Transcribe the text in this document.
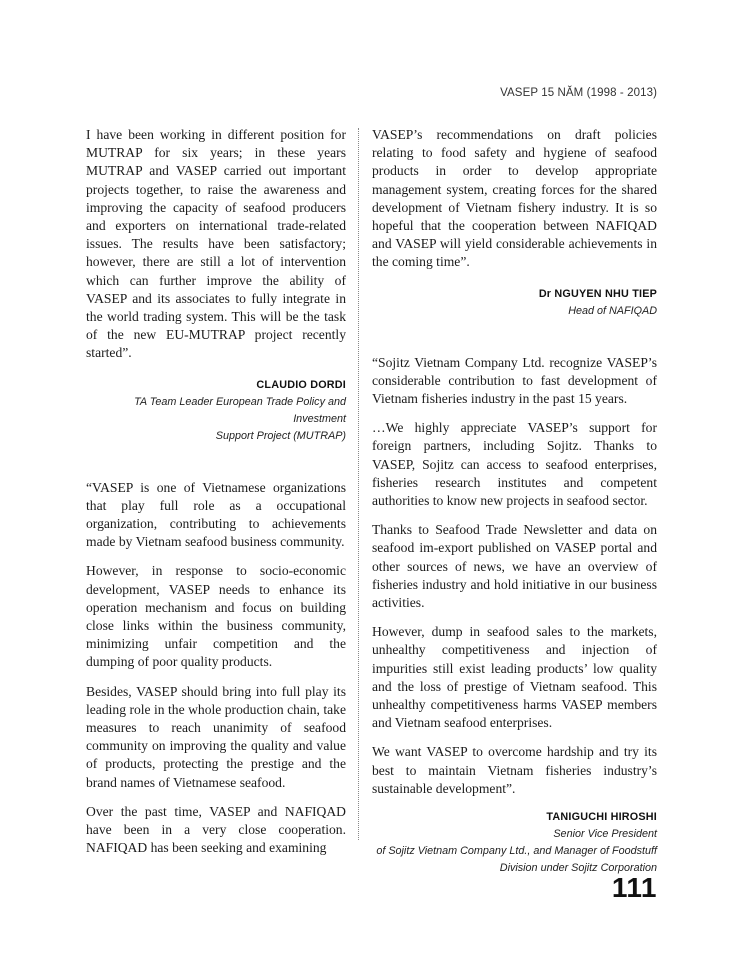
VASEP 15 NĂM (1998 - 2013)

I have been working in different position for MUTRAP for six years; in these years MUTRAP and VASEP carried out important projects together, to raise the awareness and improving the capacity of seafood producers and exporters on international trade-related issues. The results have been satisfactory; however, there are still a lot of intervention which can further improve the ability of VASEP and its associates to fully integrate in the world trading system. This will be the task of the new EU-MUTRAP project recently started”.

CLAUDIO DORDI
TA Team Leader European Trade Policy and Investment
Support Project (MUTRAP)

“VASEP is one of Vietnamese organizations that play full role as a occupational organization, contributing to achievements made by Vietnam seafood business community.

However, in response to socio-economic development, VASEP needs to enhance its operation mechanism and focus on building close links within the business community, minimizing unfair competition and the dumping of poor quality products.

Besides, VASEP should bring into full play its leading role in the whole production chain, take measures to reach unanimity of seafood community on improving the quality and value of products, protecting the prestige and the brand names of Vietnamese seafood.

Over the past time, VASEP and NAFIQAD have been in a very close cooperation. NAFIQAD has been seeking and examining

VASEP’s recommendations on draft policies relating to food safety and hygiene of seafood products in order to develop appropriate management system, creating forces for the shared development of Vietnam fishery industry. It is so hopeful that the cooperation between NAFIQAD and VASEP will yield considerable achievements in the coming time”.

Dr NGUYEN NHU TIEP
Head of NAFIQAD

“Sojitz Vietnam Company Ltd. recognize VASEP’s considerable contribution to fast development of Vietnam fisheries industry in the past 15 years.

…We highly appreciate VASEP’s support for foreign partners, including Sojitz. Thanks to VASEP, Sojitz can access to seafood enterprises, fisheries research institutes and competent authorities to know new projects in seafood sector.

Thanks to Seafood Trade Newsletter and data on seafood im-export published on VASEP portal and other sources of news, we have an overview of fisheries industry and hold initiative in our business activities.

However, dump in seafood sales to the markets, unhealthy competitiveness and injection of impurities still exist leading products’ low quality and the loss of prestige of Vietnam seafood. This unhealthy competitiveness harms VASEP members and Vietnam seafood enterprises.

We want VASEP to overcome hardship and try its best to maintain Vietnam fisheries industry’s sustainable development”.

TANIGUCHI HIROSHI
Senior Vice President
of Sojitz Vietnam Company Ltd., and Manager of Foodstuff
Division under Sojitz Corporation
111
